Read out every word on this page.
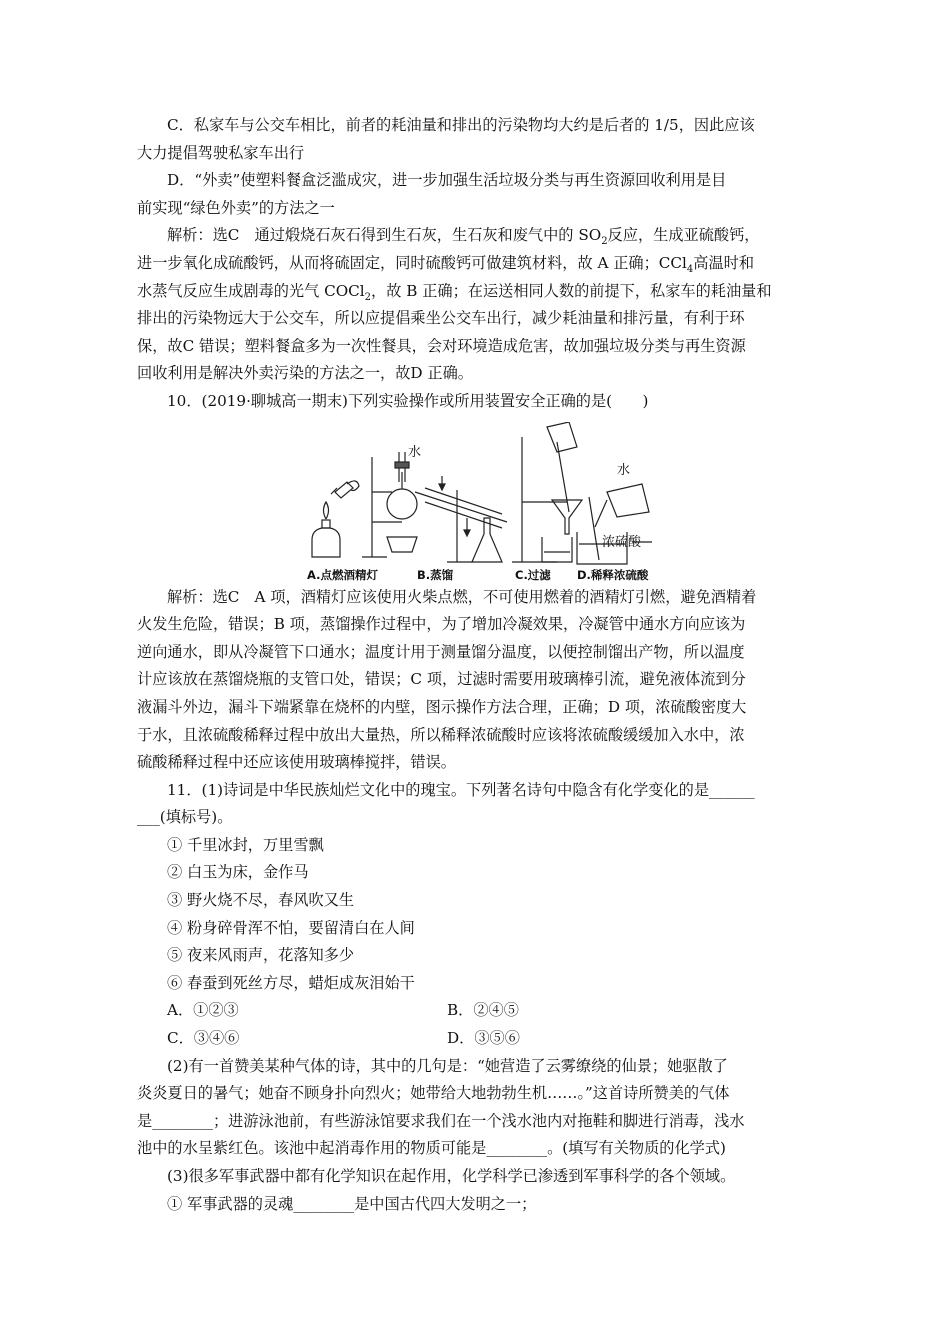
C．私家车与公交车相比，前者的耗油量和排出的污染物均大约是后者的 1/5，因此应该

大力提倡驾驶私家车出行

D．“外卖”使塑料餐盒泛滥成灾，进一步加强生活垃圾分类与再生资源回收利用是目

前实现“绿色外卖”的方法之一

解析：选C　通过煅烧石灰石得到生石灰，生石灰和废气中的 $SO_2$反应，生成亚硫酸钙，

进一步氧化成硫酸钙，从而将硫固定，同时硫酸钙可做建筑材料，故 A 正确；CCl$_4$高温时和

水蒸气反应生成剧毒的光气 COCl$_2$，故 B 正确；在运送相同人数的前提下，私家车的耗油量和

排出的污染物远大于公交车，所以应提倡乘坐公交车出行，减少耗油量和排污量，有利于环

保，故C 错误；塑料餐盒多为一次性餐具，会对环境造成危害，故加强垃圾分类与再生资源

回收利用是解决外卖污染的方法之一，故D 正确。

10．(2019·聊城高一期末)下列实验操作或所用装置安全正确的是(　　)

水
水
浓硫酸
A.点燃酒精灯	B.蒸馏	C.过滤 D.稀释浓硫酸

解析：选C　A 项，酒精灯应该使用火柴点燃，不可使用燃着的酒精灯引燃，避免酒精着

火发生危险，错误；B 项，蒸馏操作过程中，为了增加冷凝效果，冷凝管中通水方向应该为

逆向通水，即从冷凝管下口通水；温度计用于测量馏分温度，以便控制馏出产物，所以温度

计应该放在蒸馏烧瓶的支管口处，错误；C 项，过滤时需要用玻璃棒引流，避免液体流到分

液漏斗外边，漏斗下端紧靠在烧杯的内壁，图示操作方法合理，正确；D 项，浓硫酸密度大

于水，且浓硫酸稀释过程中放出大量热，所以稀释浓硫酸时应该将浓硫酸缓缓加入水中，浓

硫酸稀释过程中还应该使用玻璃棒搅拌，错误。

11．(1)诗词是中华民族灿烂文化中的瑰宝。下列著名诗句中隐含有化学变化的是______

___(填标号)。

① 千里冰封，万里雪飘

② 白玉为床，金作马

③ 野火烧不尽，春风吹又生

④ 粉身碎骨浑不怕，要留清白在人间

⑤ 夜来风雨声，花落知多少

⑥ 春蚕到死丝方尽，蜡炬成灰泪始干

A．①②③	B．②④⑤
C．③④⑥	D．③⑤⑥

(2)有一首赞美某种气体的诗，其中的几句是：“她营造了云雾缭绕的仙景；她驱散了

炎炎夏日的暑气；她奋不顾身扑向烈火；她带给大地勃勃生机……。”这首诗所赞美的气体

是________；进游泳池前，有些游泳馆要求我们在一个浅水池内对拖鞋和脚进行消毒，浅水

池中的水呈紫红色。该池中起消毒作用的物质可能是________。(填写有关物质的化学式)

(3)很多军事武器中都有化学知识在起作用，化学科学已渗透到军事科学的各个领域。

① 军事武器的灵魂________是中国古代四大发明之一；
